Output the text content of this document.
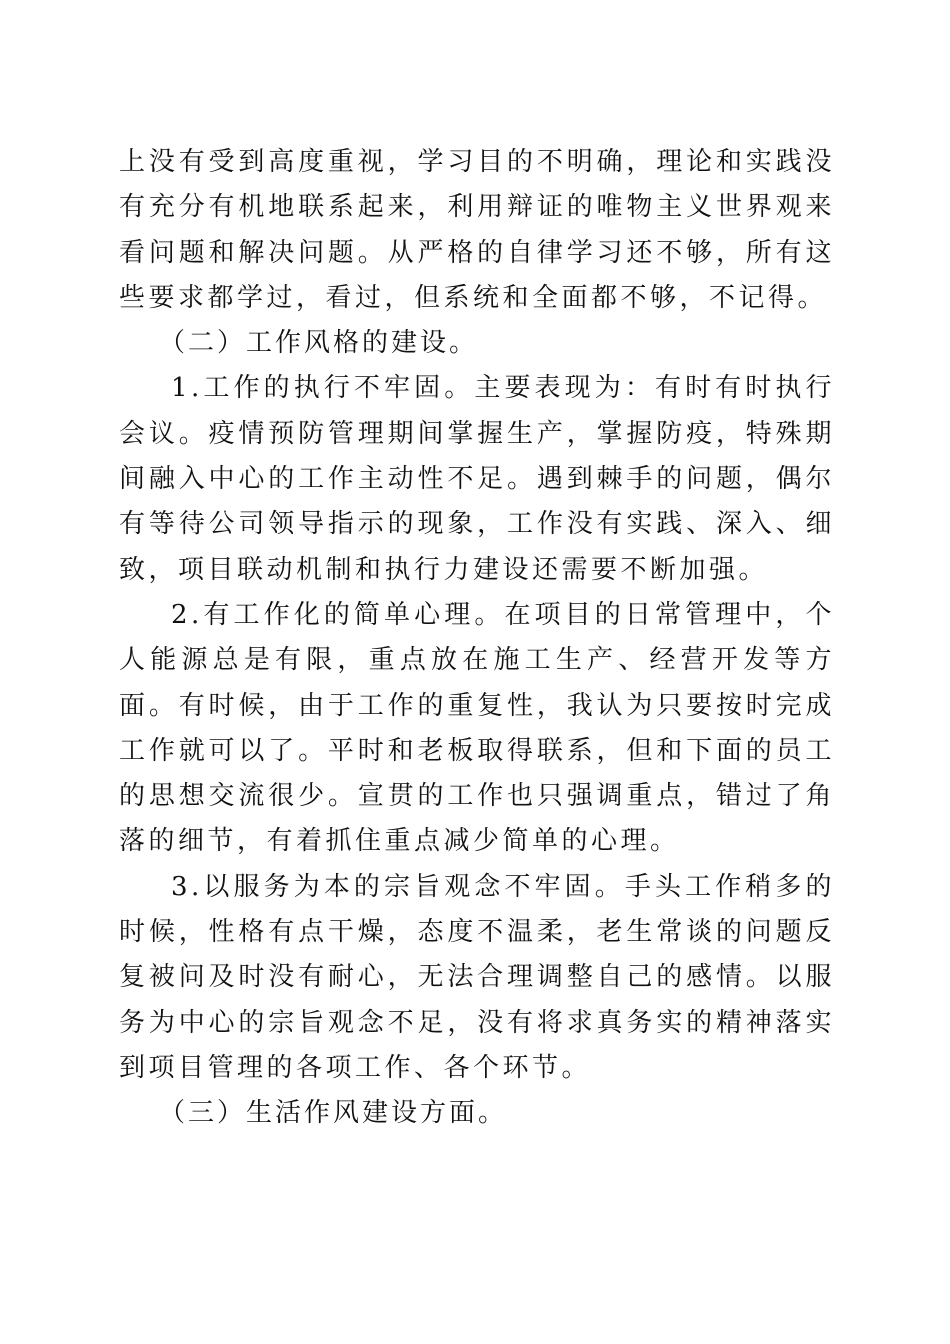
上没有受到高度重视，学习目的不明确，理论和实践没有充分有机地联系起来，利用辩证的唯物主义世界观来看问题和解决问题。从严格的自律学习还不够，所有这些要求都学过，看过，但系统和全面都不够，不记得。

（二）工作风格的建设。

1.工作的执行不牢固。主要表现为：有时有时执行会议。疫情预防管理期间掌握生产，掌握防疫，特殊期间融入中心的工作主动性不足。遇到棘手的问题，偶尔有等待公司领导指示的现象，工作没有实践、深入、细致，项目联动机制和执行力建设还需要不断加强。

2.有工作化的简单心理。在项目的日常管理中，个人能源总是有限，重点放在施工生产、经营开发等方面。有时候，由于工作的重复性，我认为只要按时完成工作就可以了。平时和老板取得联系，但和下面的员工的思想交流很少。宣贯的工作也只强调重点，错过了角落的细节，有着抓住重点减少简单的心理。

3.以服务为本的宗旨观念不牢固。手头工作稍多的时候，性格有点干燥，态度不温柔，老生常谈的问题反复被问及时没有耐心，无法合理调整自己的感情。以服务为中心的宗旨观念不足，没有将求真务实的精神落实到项目管理的各项工作、各个环节。

（三）生活作风建设方面。
